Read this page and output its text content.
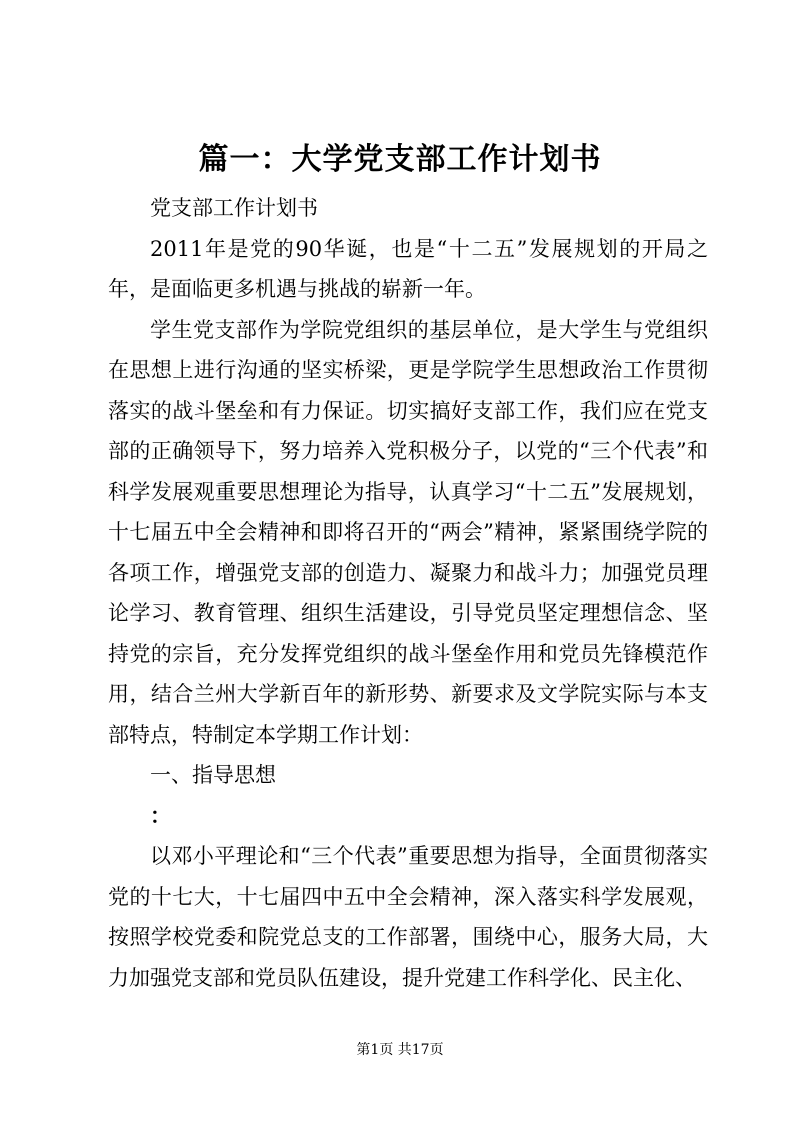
篇一：大学党支部工作计划书

党支部工作计划书

2011年是党的90华诞，也是“十二五”发展规划的开局之年，是面临更多机遇与挑战的崭新一年。

学生党支部作为学院党组织的基层单位，是大学生与党组织在思想上进行沟通的坚实桥梁，更是学院学生思想政治工作贯彻落实的战斗堡垒和有力保证。切实搞好支部工作，我们应在党支部的正确领导下，努力培养入党积极分子，以党的“三个代表”和科学发展观重要思想理论为指导，认真学习“十二五”发展规划，十七届五中全会精神和即将召开的“两会”精神，紧紧围绕学院的各项工作，增强党支部的创造力、凝聚力和战斗力；加强党员理论学习、教育管理、组织生活建设，引导党员坚定理想信念、坚持党的宗旨，充分发挥党组织的战斗堡垒作用和党员先锋模范作用，结合兰州大学新百年的新形势、新要求及文学院实际与本支部特点，特制定本学期工作计划：

一、指导思想

：

以邓小平理论和“三个代表”重要思想为指导，全面贯彻落实党的十七大，十七届四中五中全会精神，深入落实科学发展观，按照学校党委和院党总支的工作部署，围绕中心，服务大局，大力加强党支部和党员队伍建设，提升党建工作科学化、民主化、

第1页 共17页
